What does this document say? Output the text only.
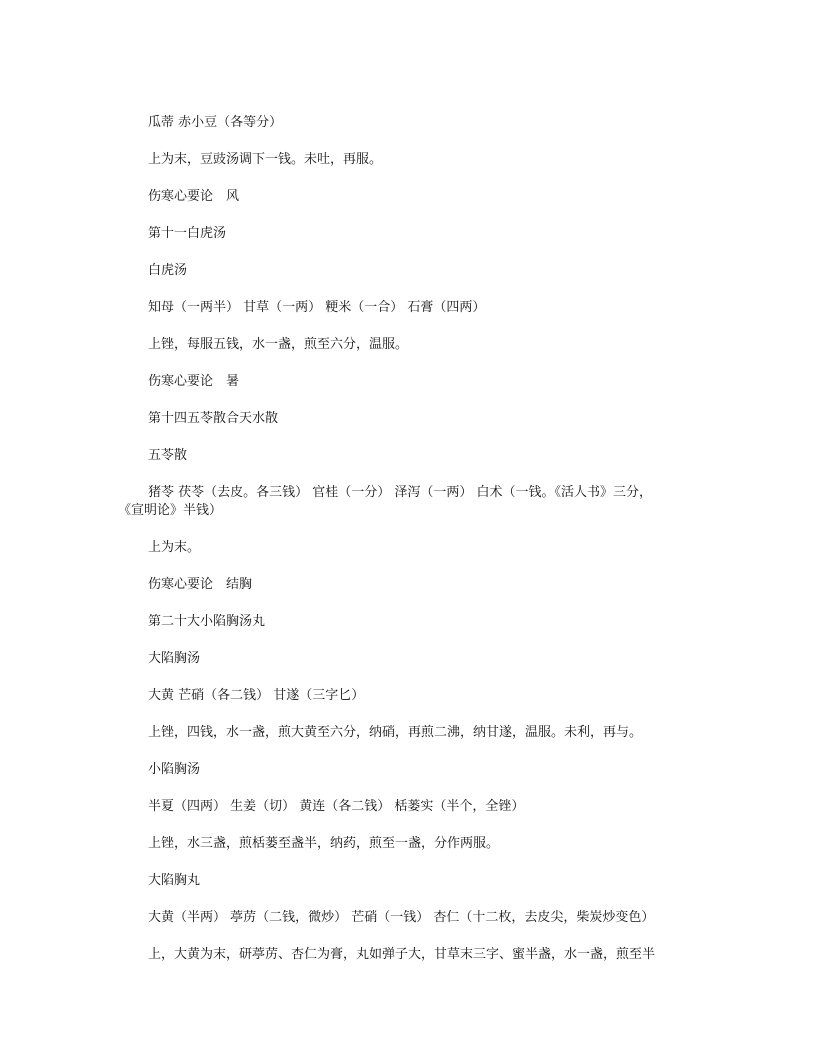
瓜蒂 赤小豆（各等分）

上为末，豆豉汤调下一钱。未吐，再服。

伤寒心要论　风

第十一白虎汤

白虎汤

知母（一两半） 甘草（一两） 粳米（一合） 石膏（四两）

上锉，每服五钱，水一盏，煎至六分，温服。

伤寒心要论　暑

第十四五苓散合天水散

五苓散

猪苓 茯苓（去皮。各三钱） 官桂（一分） 泽泻（一两） 白术（一钱。《活人书》三分，
《宣明论》半钱）

上为末。

伤寒心要论　结胸

第二十大小陷胸汤丸

大陷胸汤

大黄 芒硝（各二钱） 甘遂（三字匕）

上锉，四钱，水一盏，煎大黄至六分，纳硝，再煎二沸，纳甘遂，温服。未利，再与。

小陷胸汤

半夏（四两） 生姜（切） 黄连（各二钱） 栝蒌实（半个，全锉）

上锉，水三盏，煎栝蒌至盏半，纳药，煎至一盏，分作两服。

大陷胸丸

大黄（半两） 葶苈（二钱，微炒） 芒硝（一钱） 杏仁（十二枚，去皮尖，柴炭炒变色）

上，大黄为末，研葶苈、杏仁为膏，丸如弹子大，甘草末三字、蜜半盏，水一盏，煎至半
